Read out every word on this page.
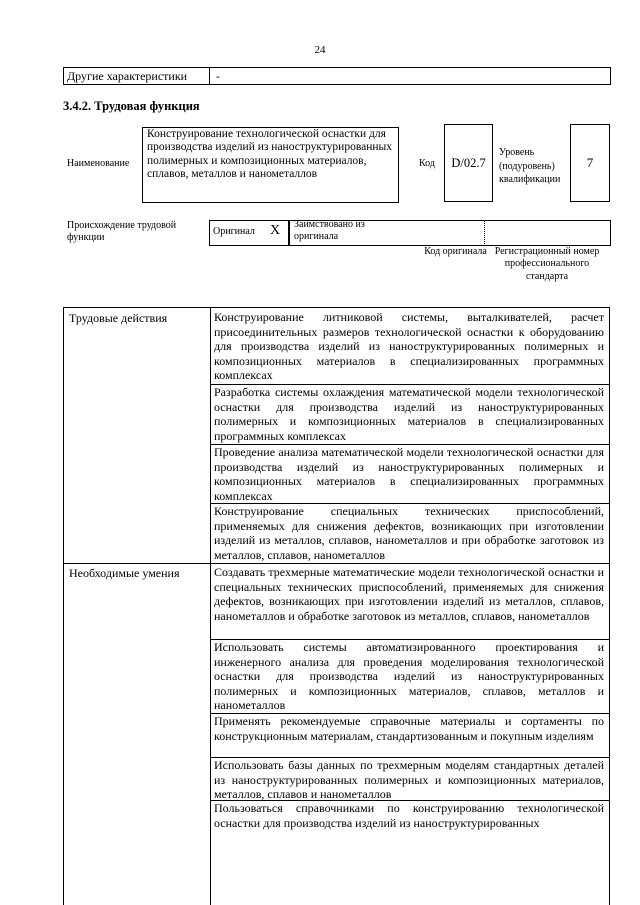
24
Другие характеристики -
3.4.2. Трудовая функция
Наименование
Конструирование технологической оснастки для производства изделий из наноструктурированных полимерных и композиционных материалов, сплавов, металлов и нанометаллов
Код	D/02.7
Уровень (подуровень) квалификации
7
Происхождение трудовой функции	Оригинал X Заимствовано из оригинала
Код оригинала Регистрационный номер профессионального стандарта
Трудовые действия	Конструирование литниковой системы, выталкивателей, расчет присоединительных размеров технологической оснастки к оборудованию для производства изделий из наноструктурированных полимерных и композиционных материалов в специализированных программных комплексах
Разработка системы охлаждения математической модели технологической оснастки для производства изделий из наноструктурированных полимерных и композиционных материалов в специализированных программных комплексах
Проведение анализа математической модели технологической оснастки для производства изделий из наноструктурированных полимерных и композиционных материалов в специализированных программных комплексах
Конструирование специальных технических приспособлений, применяемых для снижения дефектов, возникающих при изготовлении изделий из металлов, сплавов, нанометаллов и при обработке заготовок из металлов, сплавов, нанометаллов
Необходимые умения	Создавать трехмерные математические модели технологической оснастки и специальных технических приспособлений, применяемых для снижения дефектов, возникающих при изготовлении изделий из металлов, сплавов, нанометаллов и обработке заготовок из металлов, сплавов, нанометаллов
Использовать системы автоматизированного проектирования и инженерного анализа для проведения моделирования технологической оснастки для производства изделий из наноструктурированных полимерных и композиционных материалов, сплавов, металлов и нанометаллов
Применять рекомендуемые справочные материалы и сортаменты по конструкционным материалам, стандартизованным и покупным изделиям
Использовать базы данных по трехмерным моделям стандартных деталей из наноструктурированных полимерных и композиционных материалов, металлов, сплавов и нанометаллов
Пользоваться справочниками по конструированию технологической оснастки для производства изделий из наноструктурированных
